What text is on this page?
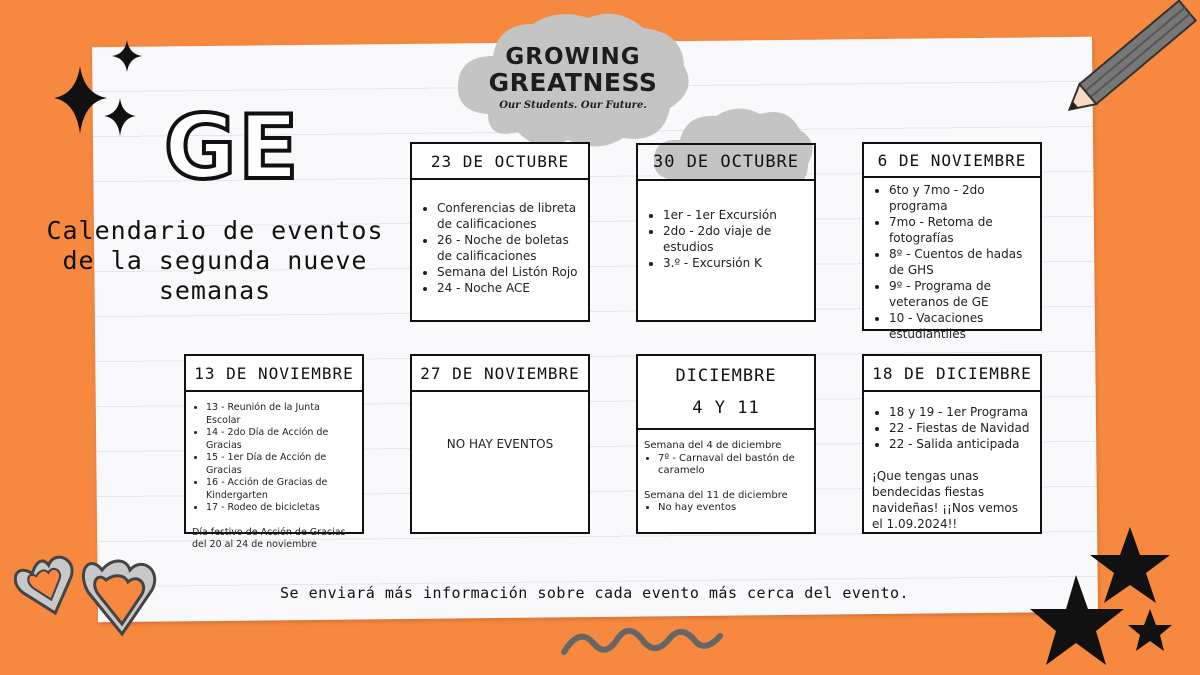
GROWING
GREATNESS
Our Students. Our Future.
GE
Calendario de eventos de la segunda nueve semanas
23 DE OCTUBRE
• Conferencias de libreta de calificaciones
• 26 - Noche de boletas de calificaciones
• Semana del Listón Rojo
• 24 - Noche ACE
30 DE OCTUBRE
• 1er - 1er Excursión
• 2do - 2do viaje de estudios
• 3.º - Excursión K
6 DE NOVIEMBRE
• 6to y 7mo - 2do programa
• 7mo - Retoma de fotografías
• 8º - Cuentos de hadas de GHS
• 9º - Programa de veteranos de GE
• 10 - Vacaciones estudiantiles
13 DE NOVIEMBRE
• 13 - Reunión de la Junta Escolar
• 14 - 2do Día de Acción de Gracias
• 15 - 1er Día de Acción de Gracias
• 16 - Acción de Gracias de Kindergarten
• 17 - Rodeo de bicicletas

Día festivo de Acción de Gracias del 20 al 24 de noviembre

27 DE NOVIEMBRE
NO HAY EVENTOS
DICIEMBRE
4 Y 11
Semana del 4 de diciembre
• 7º - Carnaval del bastón de caramelo
Semana del 11 de diciembre
• No hay eventos
18 DE DICIEMBRE
• 18 y 19 - 1er Programa
• 22 - Fiestas de Navidad
• 22 - Salida anticipada

¡Que tengas unas bendecidas fiestas navideñas! ¡¡Nos vemos el 1.09.2024!!

Se enviará más información sobre cada evento más cerca del evento.
